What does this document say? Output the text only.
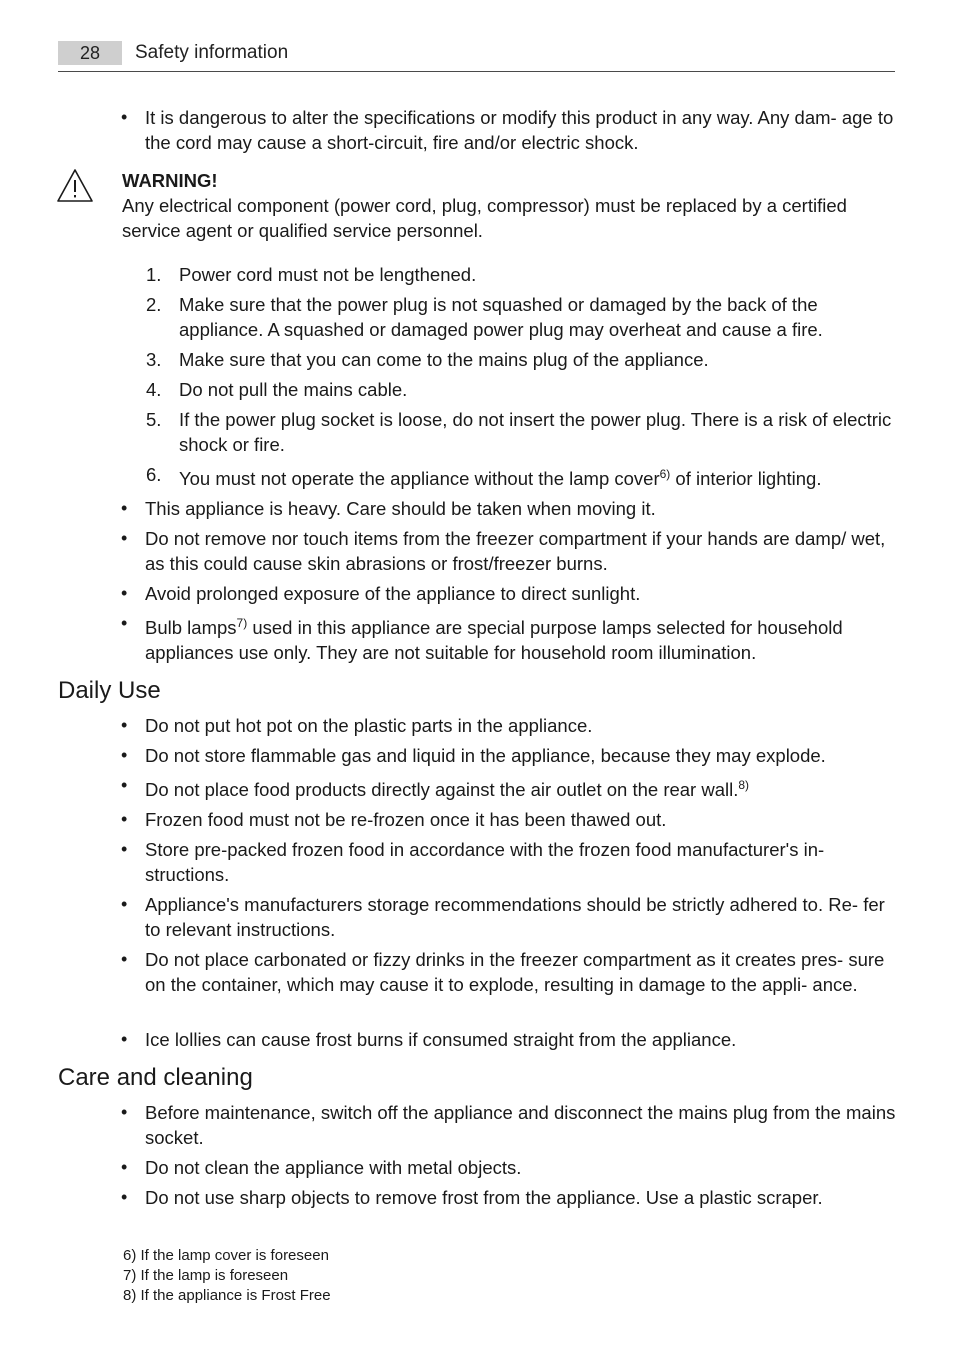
28	Safety information
• It is dangerous to alter the specifications or modify this product in any way. Any dam- age to the cord may cause a short-circuit, fire and/or electric shock.
WARNING!
Any electrical component (power cord, plug, compressor) must be replaced by a certified service agent or qualified service personnel.
1. Power cord must not be lengthened.
2. Make sure that the power plug is not squashed or damaged by the back of the appliance. A squashed or damaged power plug may overheat and cause a fire.
3. Make sure that you can come to the mains plug of the appliance.
4. Do not pull the mains cable.
5. If the power plug socket is loose, do not insert the power plug. There is a risk of electric shock or fire.
6. You must not operate the appliance without the lamp cover$^{6)}$ of interior lighting.
• This appliance is heavy. Care should be taken when moving it.
• Do not remove nor touch items from the freezer compartment if your hands are damp/ wet, as this could cause skin abrasions or frost/freezer burns.
• Avoid prolonged exposure of the appliance to direct sunlight.
• Bulb lamps$^{7)}$ used in this appliance are special purpose lamps selected for household appliances use only. They are not suitable for household room illumination.
Daily Use
• Do not put hot pot on the plastic parts in the appliance.
• Do not store flammable gas and liquid in the appliance, because they may explode.
• Do not place food products directly against the air outlet on the rear wall.$^{8)}$
• Frozen food must not be re-frozen once it has been thawed out.
• Store pre-packed frozen food in accordance with the frozen food manufacturer's in- structions.
• Appliance's manufacturers storage recommendations should be strictly adhered to. Re- fer to relevant instructions.
• Do not place carbonated or fizzy drinks in the freezer compartment as it creates pres- sure on the container, which may cause it to explode, resulting in damage to the appli- ance.
• Ice lollies can cause frost burns if consumed straight from the appliance.
Care and cleaning
• Before maintenance, switch off the appliance and disconnect the mains plug from the mains socket.
• Do not clean the appliance with metal objects.
• Do not use sharp objects to remove frost from the appliance. Use a plastic scraper.
6) If the lamp cover is foreseen
7) If the lamp is foreseen
8) If the appliance is Frost Free
